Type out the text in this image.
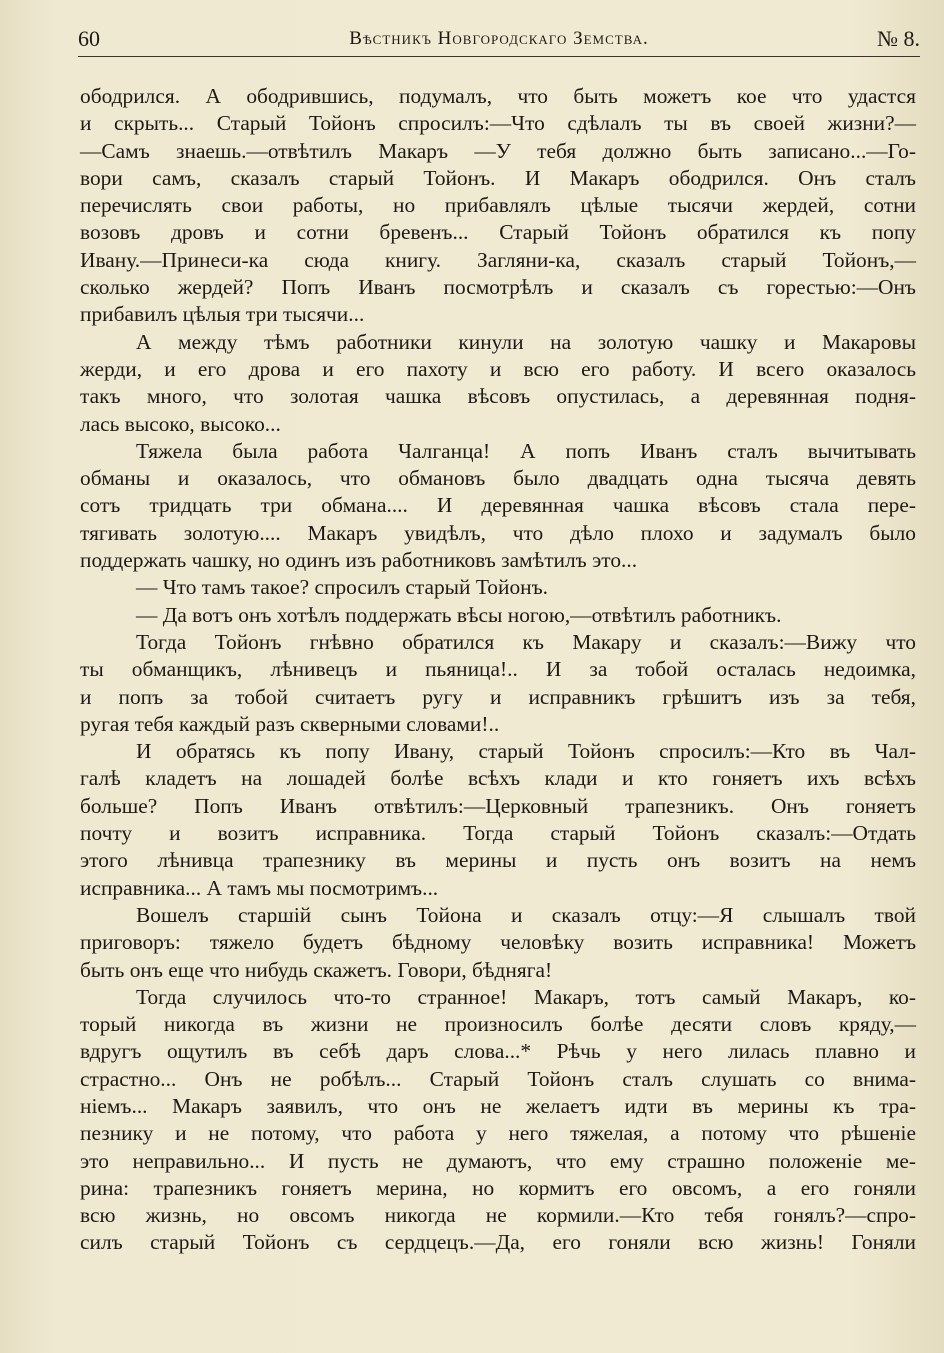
60	Вѣстникъ Новгородскаго Земства.	№ 8.
ободрился. А ободрившись, подумалъ, что быть можетъ кое что удастся
и скрыть... Старый Тойонъ спросилъ:—Что сдѣлалъ ты въ своей жизни?—
—Самъ знаешь.—отвѣтилъ Макаръ —У тебя должно быть записано...—Го-
вори самъ, сказалъ старый Тойонъ. И Макаръ ободрился. Онъ сталъ
перечислять свои работы, но прибавлялъ цѣлые тысячи жердей, сотни
возовъ дровъ и сотни бревенъ... Старый Тойонъ обратился къ попу
Ивану.—Принеси-ка сюда книгу. Загляни-ка, сказалъ старый Тойонъ,—
сколько жердей? Попъ Иванъ посмотрѣлъ и сказалъ съ горестью:—Онъ
прибавилъ цѣлыя три тысячи...
А между тѣмъ работники кинули на золотую чашку и Макаровы
жерди, и его дрова и его пахоту и всю его работу. И всего оказалось
такъ много, что золотая чашка вѣсовъ опустилась, а деревянная подня-
лась высоко, высоко...
Тяжела была работа Чалганца! А попъ Иванъ сталъ вычитывать
обманы и оказалось, что обмановъ было двадцать одна тысяча девять
сотъ тридцать три обмана.... И деревянная чашка вѣсовъ стала пере-
тягивать золотую.... Макаръ увидѣлъ, что дѣло плохо и задумалъ было
поддержать чашку, но одинъ изъ работниковъ замѣтилъ это...
— Что тамъ такое? спросилъ старый Тойонъ.
— Да вотъ онъ хотѣлъ поддержать вѣсы ногою,—отвѣтилъ работникъ.
Тогда Тойонъ гнѣвно обратился къ Макару и сказалъ:—Вижу что
ты обманщикъ, лѣнивецъ и пьяница!.. И за тобой осталась недоимка,
и попъ за тобой считаетъ ругу и исправникъ грѣшитъ изъ за тебя,
ругая тебя каждый разъ скверными словами!..
И обратясь къ попу Ивану, старый Тойонъ спросилъ:—Кто въ Чал-
галѣ кладетъ на лошадей болѣе всѣхъ клади и кто гоняетъ ихъ всѣхъ
больше? Попъ Иванъ отвѣтилъ:—Церковный трапезникъ. Онъ гоняетъ
почту и возитъ исправника. Тогда старый Тойонъ сказалъ:—Отдать
этого лѣнивца трапезнику въ мерины и пусть онъ возитъ на немъ
исправника... А тамъ мы посмотримъ...
Вошелъ старшій сынъ Тойона и сказалъ отцу:—Я слышалъ твой
приговоръ: тяжело будетъ бѣдному человѣку возить исправника! Можетъ
быть онъ еще что нибудь скажетъ. Говори, бѣдняга!
Тогда случилось что-то странное! Макаръ, тотъ самый Макаръ, ко-
торый никогда въ жизни не произносилъ болѣе десяти словъ кряду,—
вдругъ ощутилъ въ себѣ даръ слова...* Рѣчь у него лилась плавно и
страстно... Онъ не робѣлъ... Старый Тойонъ сталъ слушать со внима-
ніемъ... Макаръ заявилъ, что онъ не желаетъ идти въ мерины къ тра-
пезнику и не потому, что работа у него тяжелая, а потому что рѣшеніе
это неправильно... И пусть не думаютъ, что ему страшно положеніе ме-
рина: трапезникъ гоняетъ мерина, но кормитъ его овсомъ, а его гоняли
всю жизнь, но овсомъ никогда не кормили.—Кто тебя гонялъ?—спро-
силъ старый Тойонъ съ сердцецъ.—Да, его гоняли всю жизнь! Гоняли
